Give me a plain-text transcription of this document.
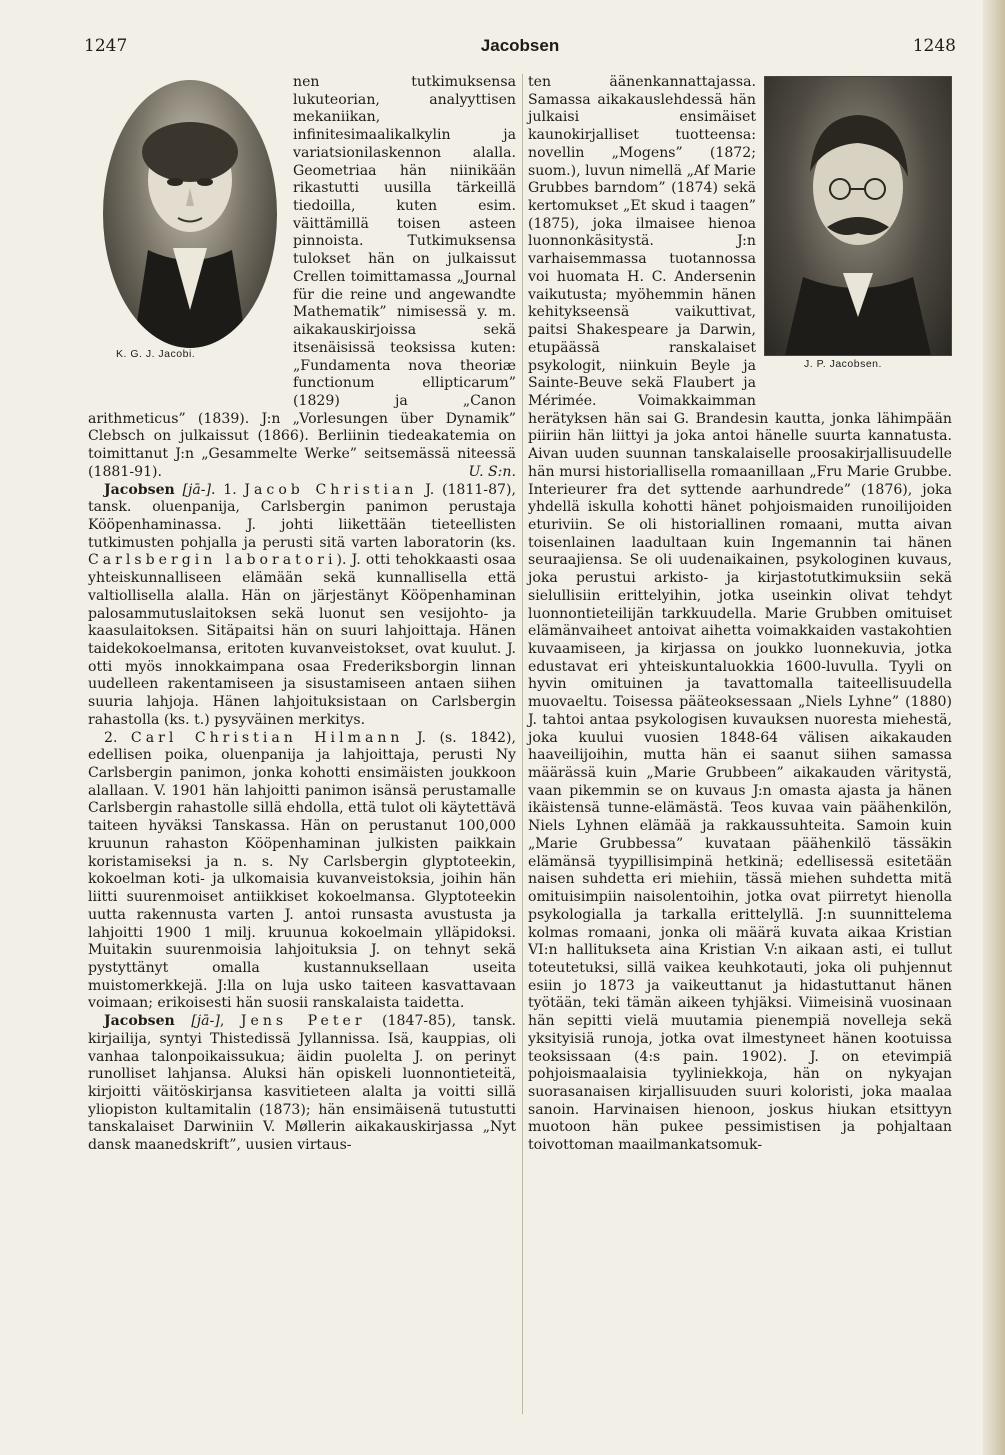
1247	Jacobsen	1248
K. G. J. Jacobi.

nen tutkimuksensa lukuteorian, analyyttisen mekaniikan, infinitesimaalikalkylin ja variatsionilaskennon alalla. Geometriaa hän niinikään rikastutti uusilla tärkeillä tiedoilla, kuten esim. väittämillä toisen asteen pinnoista. Tutkimuksensa tulokset hän on julkaissut Crellen toimittamassa „Journal für die reine und angewandte Mathematik” nimisessä y. m. aikakauskirjoissa sekä itsenäisissä teoksissa kuten: „Fundamenta nova theoriæ functionum ellipticarum” (1829) ja „Canon arithmeticus” (1839). J:n „Vorlesungen über Dynamik” Clebsch on julkaissut (1866). Berliinin tiedeakatemia on toimittanut J:n „Gesammelte Werke” seitsemässä niteessä (1881-91).	U. S:n.

Jacobsen [jā-]. 1. Jacob Christian J. (1811-87), tansk. oluenpanija, Carlsbergin panimon perustaja Kööpenhaminassa. J. johti liikettään tieteellisten tutkimusten pohjalla ja perusti sitä varten laboratorin (ks. Carlsbergin laboratori). J. otti tehokkaasti osaa yhteiskunnalliseen elämään sekä kunnallisella että valtiollisella alalla. Hän on järjestänyt Kööpenhaminan palosammutuslaitoksen sekä luonut sen vesijohto- ja kaasulaitoksen. Sitäpaitsi hän on suuri lahjoittaja. Hänen taidekokoelmansa, eritoten kuvanveistokset, ovat kuulut. J. otti myös innokkaimpana osaa Frederiksborgin linnan uudelleen rakentamiseen ja sisustamiseen antaen siihen suuria lahjoja. Hänen lahjoituksistaan on Carlsbergin rahastolla (ks. t.) pysyväinen merkitys.

2. Carl Christian Hilmann J. (s. 1842), edellisen poika, oluenpanija ja lahjoittaja, perusti Ny Carlsbergin panimon, jonka kohotti ensimäisten joukkoon alallaan. V. 1901 hän lahjoitti panimon isänsä perustamalle Carlsbergin rahastolle sillä ehdolla, että tulot oli käytettävä taiteen hyväksi Tanskassa. Hän on perustanut 100,000 kruunun rahaston Kööpenhaminan julkisten paikkain koristamiseksi ja n. s. Ny Carlsbergin glyptoteekin, kokoelman koti- ja ulkomaisia kuvanveistoksia, joihin hän liitti suurenmoiset antiikkiset kokoelmansa. Glyptoteekin uutta rakennusta varten J. antoi runsasta avustusta ja lahjoitti 1900 1 milj. kruunua kokoelmain ylläpidoksi. Muitakin suurenmoisia lahjoituksia J. on tehnyt sekä pystyttänyt omalla kustannuksellaan useita muistomerkkejä. J:lla on luja usko taiteen kasvattavaan voimaan; erikoisesti hän suosii ranskalaista taidetta.

Jacobsen [jā-], Jens Peter (1847-85), tansk. kirjailija, syntyi Thistedissä Jyllannissa. Isä, kauppias, oli vanhaa talonpoikaissukua; äidin puolelta J. on perinyt runolliset lahjansa. Aluksi hän opiskeli luonnontieteitä, kirjoitti väitöskirjansa kasvitieteen alalta ja voitti sillä yliopiston kultamitalin (1873); hän ensimäisenä tutustutti tanskalaiset Darwiniin V. Møllerin aikakauskirjassa „Nyt dansk maanedskrift”, uusien virtaus-

J. P. Jacobsen.

ten äänenkannattajassa. Samassa aikakauslehdessä hän julkaisi ensimäiset kaunokirjalliset tuotteensa: novellin „Mogens” (1872; suom.), luvun nimellä „Af Marie Grubbes barndom” (1874) sekä kertomukset „Et skud i taagen” (1875), joka ilmaisee hienoa luonnonkäsitystä. J:n varhaisemmassa tuotannossa voi huomata H. C. Andersenin vaikutusta; myöhemmin hänen kehitykseensä vaikuttivat, paitsi Shakespeare ja Darwin, etupäässä ranskalaiset psykologit, niinkuin Beyle ja Sainte-Beuve sekä Flaubert ja Mérimée. Voimakkaimman herätyksen hän sai G. Brandesin kautta, jonka lähimpään piiriin hän liittyi ja joka antoi hänelle suurta kannatusta. Aivan uuden suunnan tanskalaiselle proosakirjallisuudelle hän mursi historiallisella romaanillaan „Fru Marie Grubbe. Interieurer fra det syttende aarhundrede” (1876), joka yhdellä iskulla kohotti hänet pohjoismaiden runoilijoiden eturiviin. Se oli historiallinen romaani, mutta aivan toisenlainen laadultaan kuin Ingemannin tai hänen seuraajiensa. Se oli uudenaikainen, psykologinen kuvaus, joka perustui arkisto- ja kirjastotutkimuksiin sekä sielullisiin erittelyihin, jotka useinkin olivat tehdyt luonnontieteilijän tarkkuudella. Marie Grubben omituiset elämänvaiheet antoivat aihetta voimakkaiden vastakohtien kuvaamiseen, ja kirjassa on joukko luonnekuvia, jotka edustavat eri yhteiskuntaluokkia 1600-luvulla. Tyyli on hyvin omituinen ja tavattomalla taiteellisuudella muovaeltu. Toisessa pääteoksessaan „Niels Lyhne” (1880) J. tahtoi antaa psykologisen kuvauksen nuoresta miehestä, joka kuului vuosien 1848-64 välisen aikakauden haaveilijoihin, mutta hän ei saanut siihen samassa määrässä kuin „Marie Grubbeen” aikakauden väritystä, vaan pikemmin se on kuvaus J:n omasta ajasta ja hänen ikäistensä tunne-elämästä. Teos kuvaa vain päähenkilön, Niels Lyhnen elämää ja rakkaussuhteita. Samoin kuin „Marie Grubbessa” kuvataan päähenkilö tässäkin elämänsä tyypillisimpinä hetkinä; edellisessä esitetään naisen suhdetta eri miehiin, tässä miehen suhdetta mitä omituisimpiin naisolentoihin, jotka ovat piirretyt hienolla psykologialla ja tarkalla erittelyllä. J:n suunnittelema kolmas romaani, jonka oli määrä kuvata aikaa Kristian VI:n hallitukseta aina Kristian V:n aikaan asti, ei tullut toteutetuksi, sillä vaikea keuhkotauti, joka oli puhjennut esiin jo 1873 ja vaikeuttanut ja hidastuttanut hänen työtään, teki tämän aikeen tyhjäksi. Viimeisinä vuosinaan hän sepitti vielä muutamia pienempiä novelleja sekä yksityisiä runoja, jotka ovat ilmestyneet hänen kootuissa teoksissaan (4:s pain. 1902). J. on etevimpiä pohjoismaalaisia tyyliniekkoja, hän on nykyajan suorasanaisen kirjallisuuden suuri koloristi, joka maalaa sanoin. Harvinaisen hienoon, joskus hiukan etsittyyn muotoon hän pukee pessimistisen ja pohjaltaan toivottoman maailmankatsomuk-
